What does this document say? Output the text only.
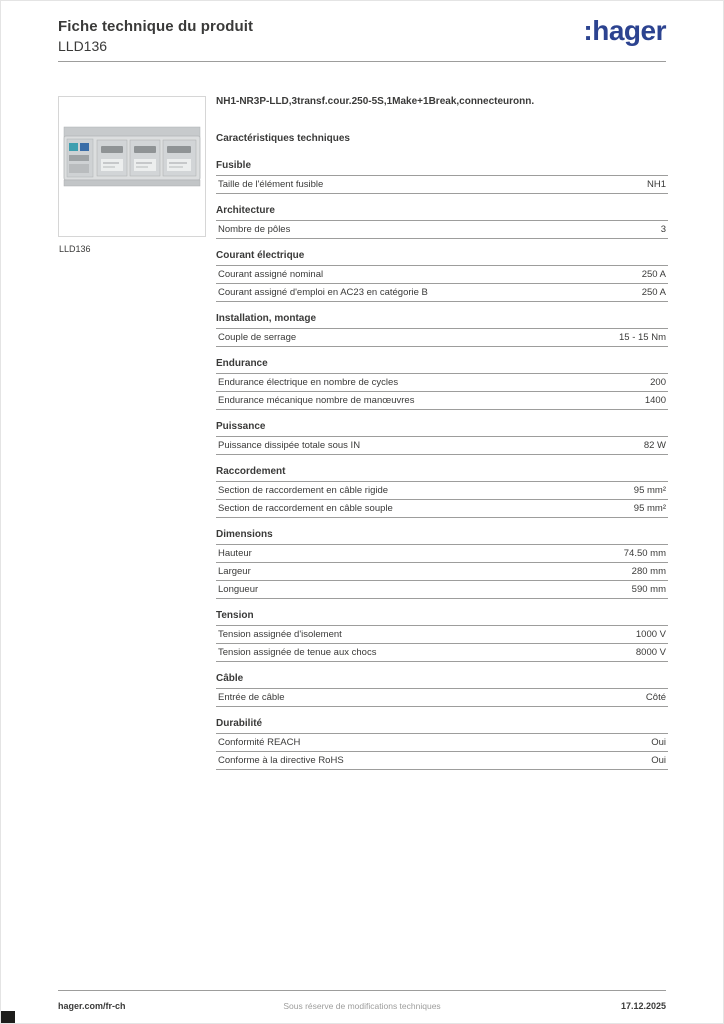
Fiche technique du produit

LLD136	:hager
LLD136

NH1-NR3P-LLD,3transf.cour.250-5S,1Make+1Break,connecteuronn.

Caractéristiques techniques

Fusible
Taille de l'élément fusible	NH1
Architecture
Nombre de pôles	3
Courant électrique
Courant assigné nominal	250 A
Courant assigné d'emploi en AC23 en catégorie B	250 A
Installation, montage
Couple de serrage	15 - 15 Nm
Endurance
Endurance électrique en nombre de cycles	200
Endurance mécanique nombre de manœuvres	1400
Puissance
Puissance dissipée totale sous IN	82 W
Raccordement
Section de raccordement en câble rigide	95 mm²
Section de raccordement en câble souple	95 mm²
Dimensions
Hauteur	74.50 mm
Largeur	280 mm
Longueur	590 mm
Tension
Tension assignée d'isolement	1000 V
Tension assignée de tenue aux chocs	8000 V
Câble
Entrée de câble	Côté
Durabilité
Conformité REACH	Oui
Conforme à la directive RoHS	Oui
hager.com/fr-ch	Sous réserve de modifications techniques	17.12.2025
